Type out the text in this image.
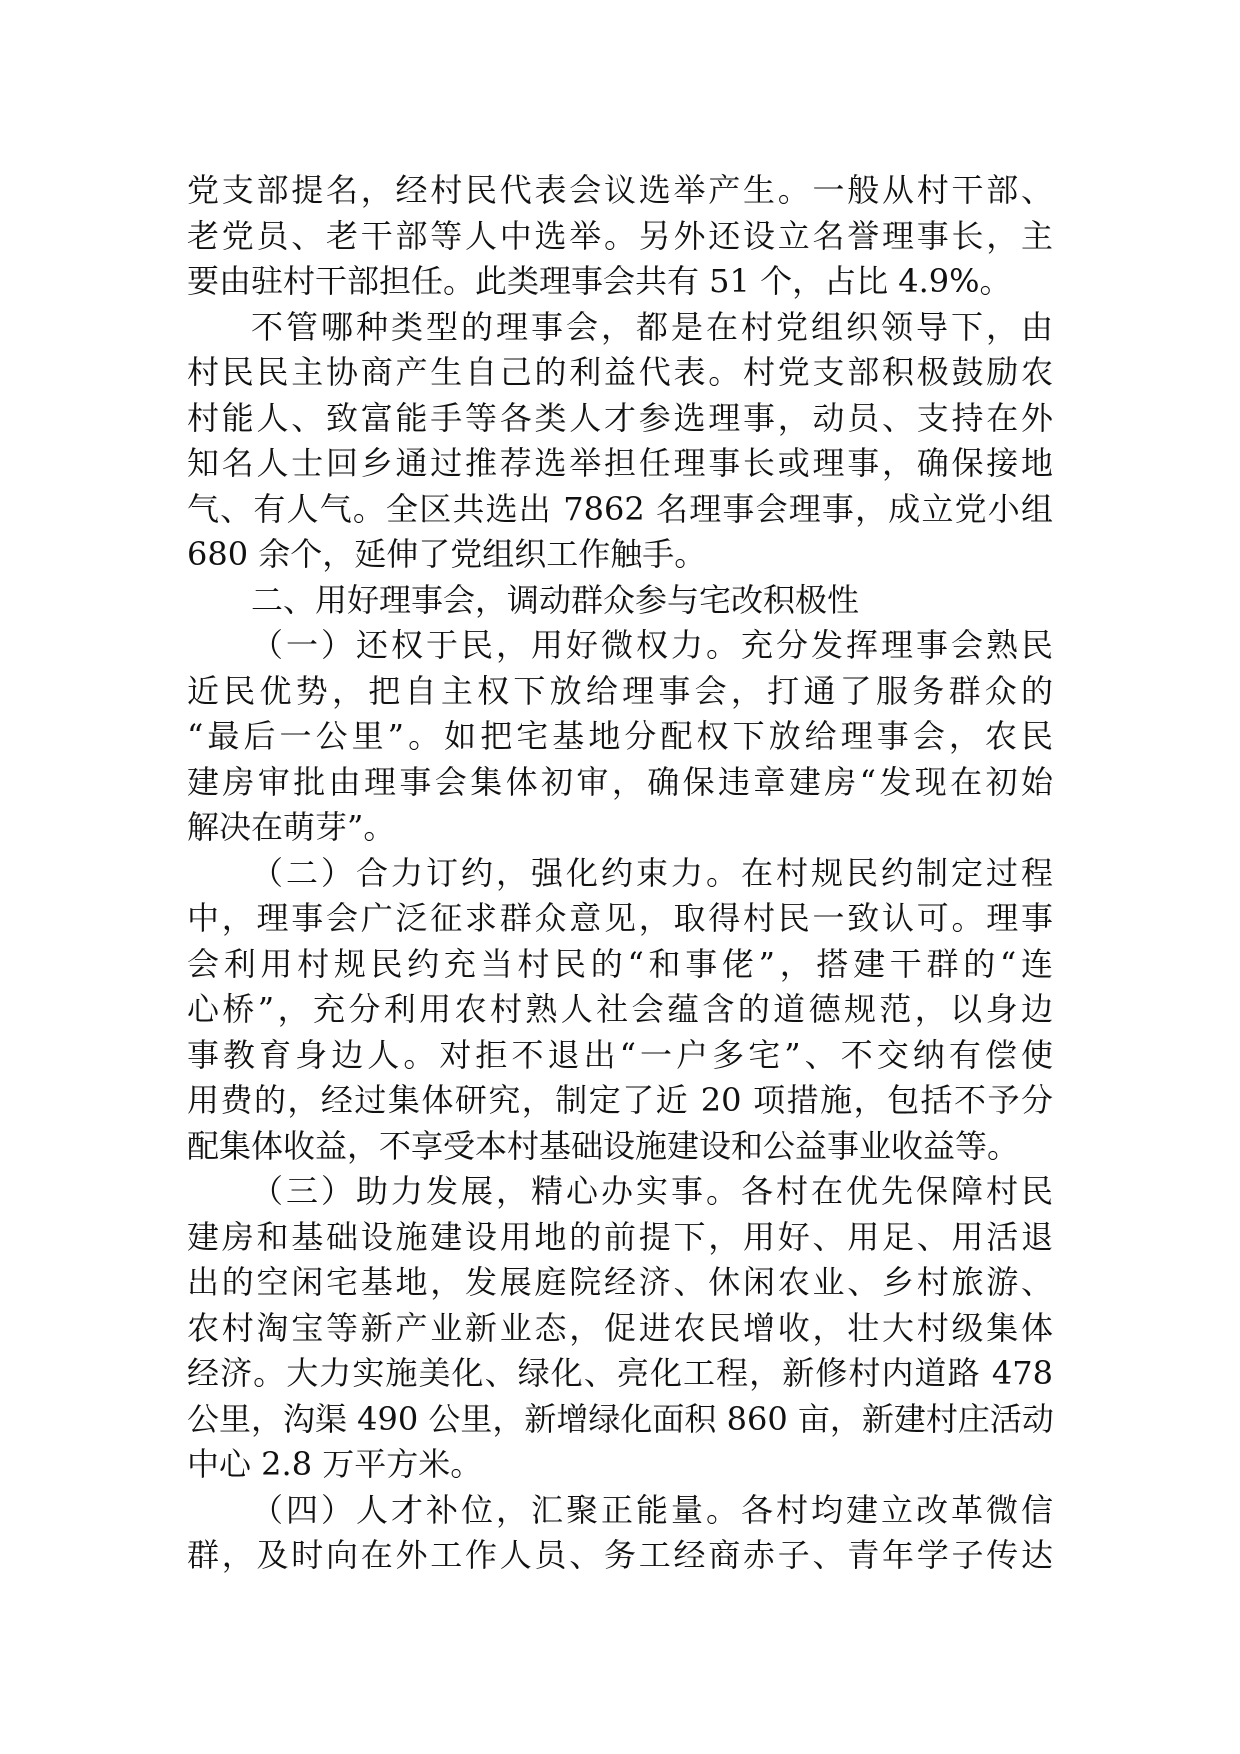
党支部提名，经村民代表会议选举产生。一般从村干部、
老党员、老干部等人中选举。另外还设立名誉理事长，主
要由驻村干部担任。此类理事会共有 51 个，占比 4.9%。
不管哪种类型的理事会，都是在村党组织领导下，由
村民民主协商产生自己的利益代表。村党支部积极鼓励农
村能人、致富能手等各类人才参选理事，动员、支持在外
知名人士回乡通过推荐选举担任理事长或理事，确保接地
气、有人气。全区共选出 7862 名理事会理事，成立党小组
680 余个，延伸了党组织工作触手。
二、用好理事会，调动群众参与宅改积极性
（一）还权于民，用好微权力。充分发挥理事会熟民
近民优势，把自主权下放给理事会，打通了服务群众的
“最后一公里”。如把宅基地分配权下放给理事会，农民
建房审批由理事会集体初审，确保违章建房“发现在初始
解决在萌芽”。
（二）合力订约，强化约束力。在村规民约制定过程
中，理事会广泛征求群众意见，取得村民一致认可。理事
会利用村规民约充当村民的“和事佬”，搭建干群的“连
心桥”，充分利用农村熟人社会蕴含的道德规范，以身边
事教育身边人。对拒不退出“一户多宅”、不交纳有偿使
用费的，经过集体研究，制定了近 20 项措施，包括不予分
配集体收益，不享受本村基础设施建设和公益事业收益等。
（三）助力发展，精心办实事。各村在优先保障村民
建房和基础设施建设用地的前提下，用好、用足、用活退
出的空闲宅基地，发展庭院经济、休闲农业、乡村旅游、
农村淘宝等新产业新业态，促进农民增收，壮大村级集体
经济。大力实施美化、绿化、亮化工程，新修村内道路 478
公里，沟渠 490 公里，新增绿化面积 860 亩，新建村庄活动
中心 2.8 万平方米。
（四）人才补位，汇聚正能量。各村均建立改革微信
群，及时向在外工作人员、务工经商赤子、青年学子传达
